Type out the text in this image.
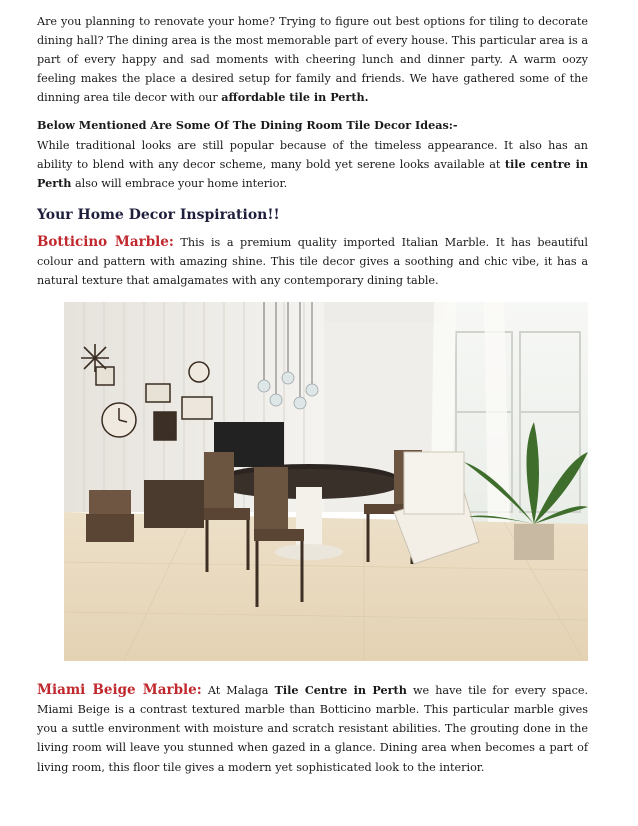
Are you planning to renovate your home? Trying to figure out best options for tiling to decorate dining hall? The dining area is the most memorable part of every house. This particular area is a part of every happy and sad moments with cheering lunch and dinner party. A warm oozy feeling makes the place a desired setup for family and friends. We have gathered some of the dinning area tile decor with our affordable tile in Perth.

Below Mentioned Are Some Of The Dining Room Tile Decor Ideas:-

While traditional looks are still popular because of the timeless appearance. It also has an ability to blend with any decor scheme, many bold yet serene looks available at tile centre in Perth also will embrace your home interior.

Your Home Decor Inspiration!!

Botticino Marble: This is a premium quality imported Italian Marble. It has beautiful colour and pattern with amazing shine. This tile decor gives a soothing and chic vibe, it has a natural texture that amalgamates with any contemporary dining table.

Miami Beige Marble: At Malaga Tile Centre in Perth we have tile for every space. Miami Beige is a contrast textured marble than Botticino marble. This particular marble gives you a suttle environment with moisture and scratch resistant abilities. The grouting done in the living room will leave you stunned when gazed in a glance. Dining area when becomes a part of living room, this floor tile gives a modern yet sophisticated look to the interior.
